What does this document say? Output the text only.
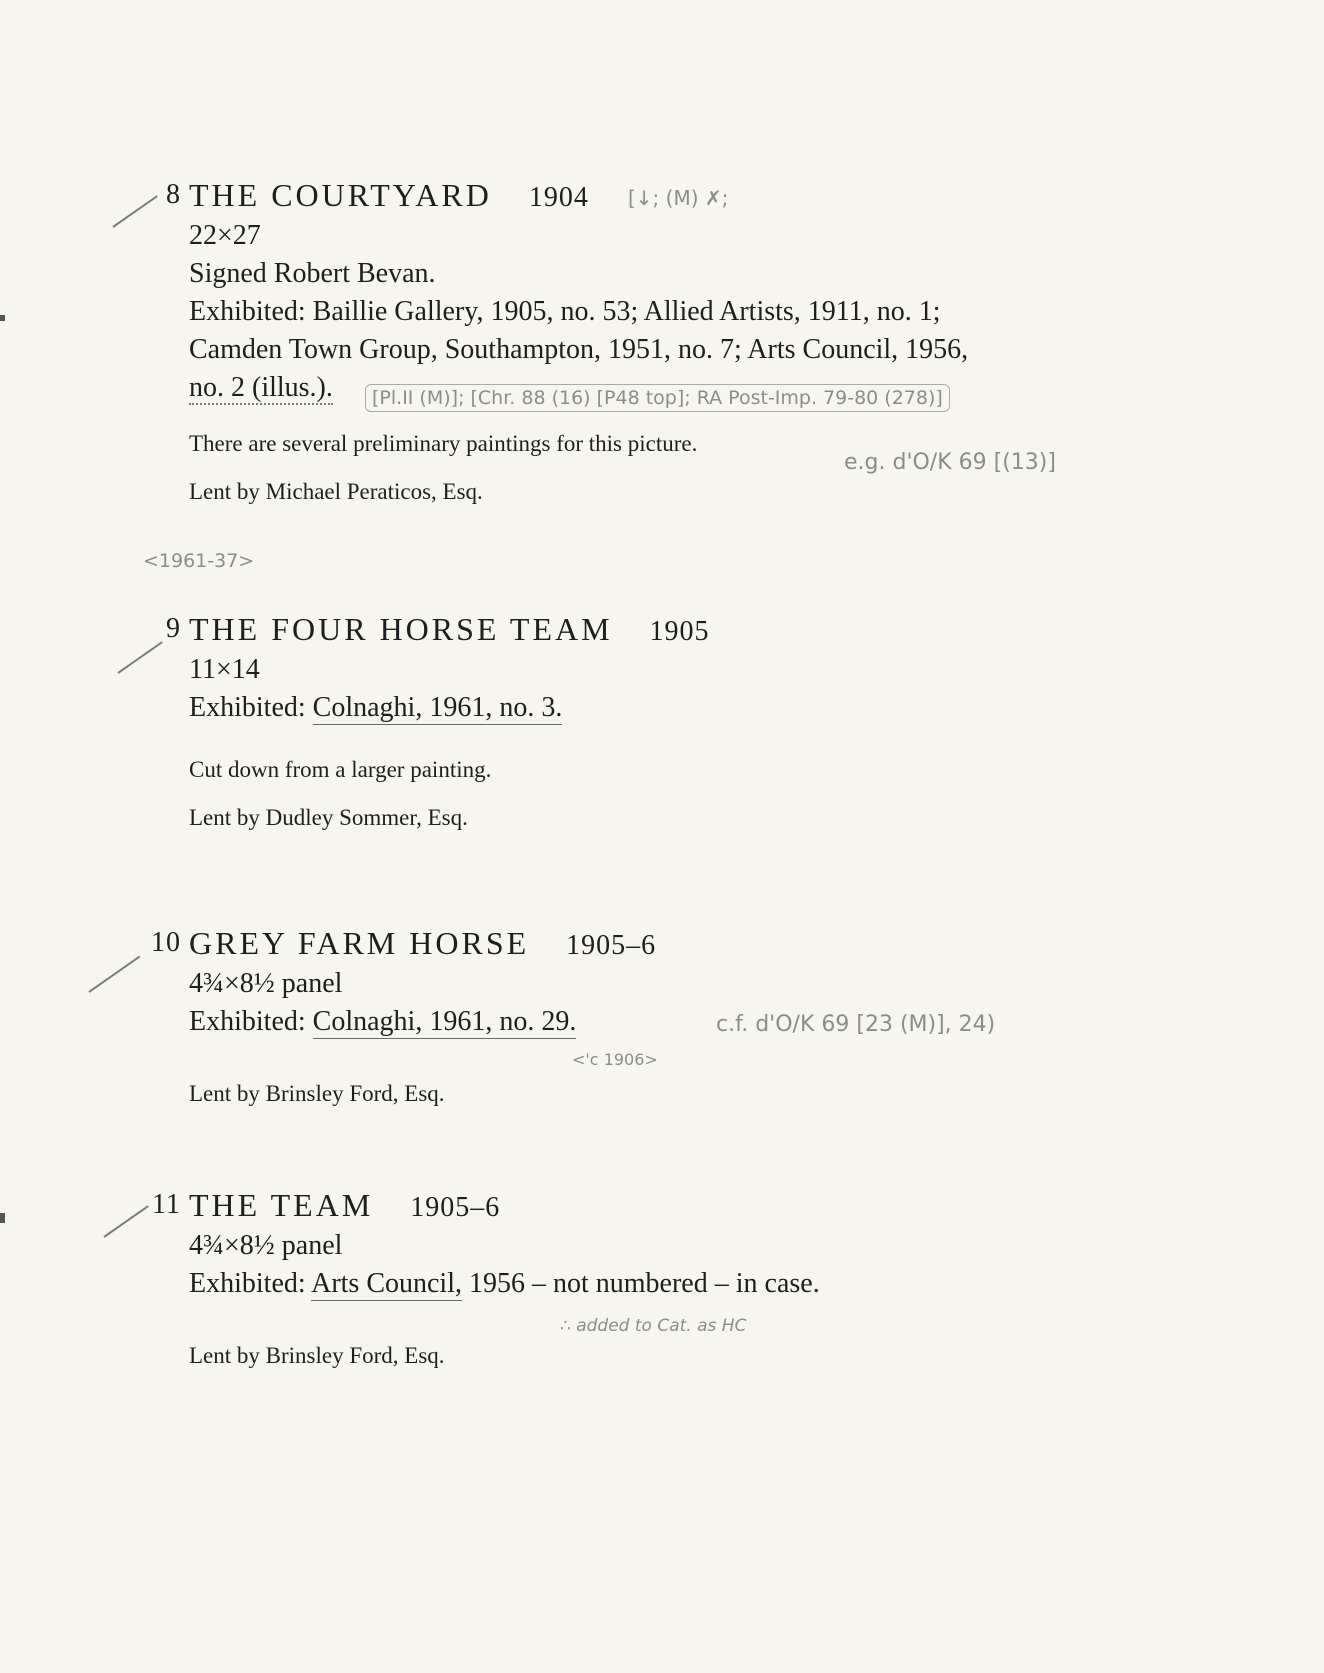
8 THE COURTYARD 1904
22×27
Signed Robert Bevan.
Exhibited: Baillie Gallery, 1905, no. 53; Allied Artists, 1911, no. 1;
Camden Town Group, Southampton, 1951, no. 7; Arts Council, 1956,
no. 2 (illus.).
There are several preliminary paintings for this picture.
Lent by Michael Peraticos, Esq.
[↓; (M) ✗;
[Pl.II (M)]; [Chr. 88 (16) [P48 top]; RA Post-Imp. 79-80 (278)]
e.g. d'O/K 69 [(13)]
<1961-37>
9 THE FOUR HORSE TEAM 1905
11×14
Exhibited: Colnaghi, 1961, no. 3.
Cut down from a larger painting.
Lent by Dudley Sommer, Esq.
10 GREY FARM HORSE 1905–6
4¾×8½ panel
Exhibited: Colnaghi, 1961, no. 29.
Lent by Brinsley Ford, Esq.
<'c 1906>
c.f. d'O/K 69 [23 (M)], 24)
11 THE TEAM 1905–6
4¾×8½ panel
Exhibited: Arts Council, 1956 – not numbered – in case.
Lent by Brinsley Ford, Esq.
∴ added to Cat. as HC
